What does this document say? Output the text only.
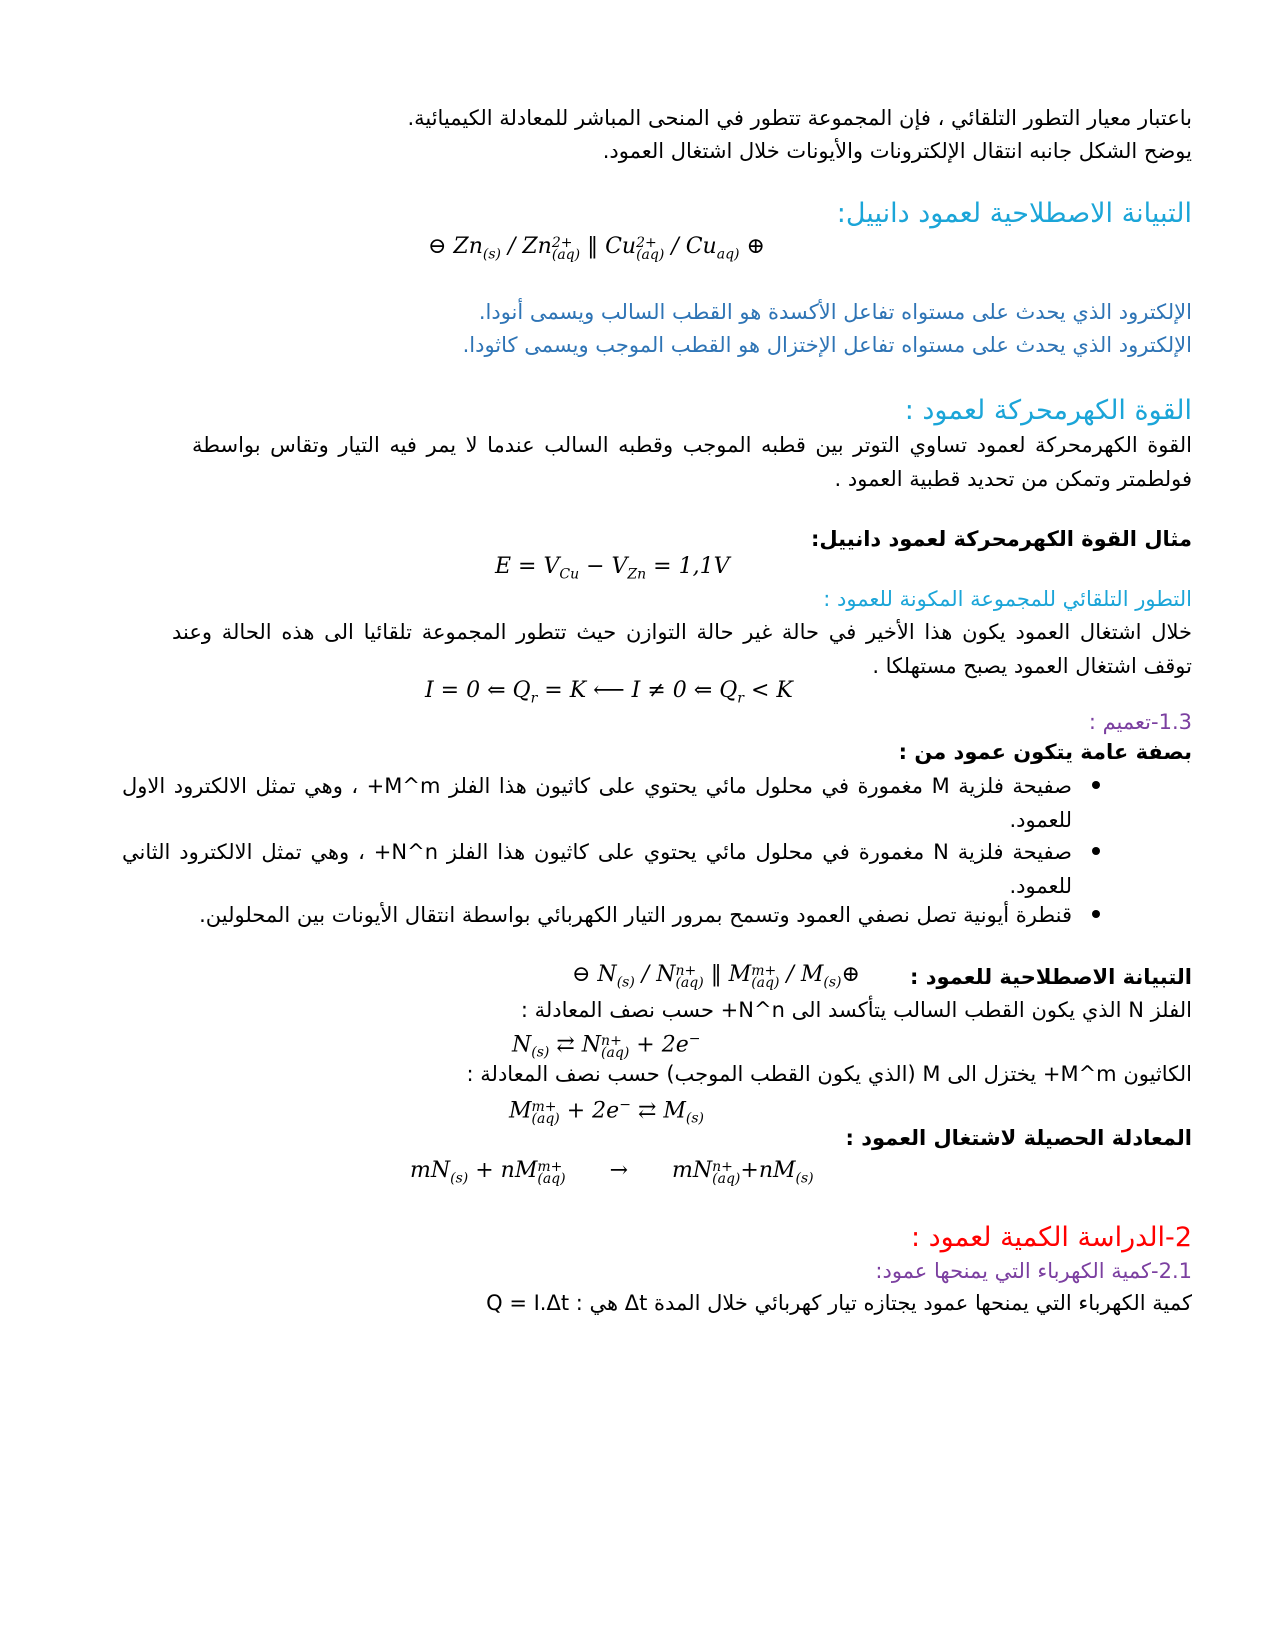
باعتبار معيار التطور التلقائي ، فإن المجموعة تتطور في المنحى المباشر للمعادلة الكيميائية.
يوضح الشكل جانبه انتقال الإلكترونات والأيونات خلال اشتغال العمود.
التبيانة الاصطلاحية لعمود دانييل:
⊖ $Zn_{(s)}$ / Zn 2+
(aq) ‖ Cu 2+
$(aq) / Cu_{aq)}$ ⊕
الإلكترود الذي يحدث على مستواه تفاعل الأكسدة هو القطب السالب ويسمى أنودا.
الإلكترود الذي يحدث على مستواه تفاعل الإختزال هو القطب الموجب ويسمى كاثودا.
القوة الكهرمحركة لعمود :
القوة الكهرمحركة لعمود تساوي التوتر بين قطبه الموجب وقطبه السالب عندما لا يمر فيه التيار وتقاس بواسطة فولطمتر وتمكن من تحديد قطبية العمود .
مثال القوة الكهرمحركة لعمود دانييل:
$E = V_{Cu} - V_{Zn} = 1,1V$
التطور التلقائي للمجموعة المكونة للعمود :
خلال اشتغال العمود يكون هذا الأخير في حالة غير حالة التوازن حيث تتطور المجموعة تلقائيا الى هذه الحالة وعند توقف اشتغال العمود يصبح مستهلكا .
I = 0 ⇐ $Q_r = K$ ⟵ I ≠ 0 ⇐ $Q_r < K$
1.3-تعميم :
بصفة عامة يتكون عمود من :
صفيحة فلزية M مغمورة في محلول مائي يحتوي على كاثيون هذا الفلز M^m+ ، وهي تمثل الالكترود الاول للعمود.
صفيحة فلزية N مغمورة في محلول مائي يحتوي على كاثيون هذا الفلز N^n+ ، وهي تمثل الالكترود الثاني للعمود.
قنطرة أيونية تصل نصفي العمود وتسمح بمرور التيار الكهربائي بواسطة انتقال الأيونات بين المحلولين.
التبيانة الاصطلاحية للعمود :
⊖ $N_{(s)}$ / N n+
(aq) ‖ M m+
$(aq) / M_{(s)}\oplus$
الفلز N الذي يكون القطب السالب يتأكسد الى N^n+ حسب نصف المعادلة :
$N_{(s)}$ ⇄ N n+
(aq) + 2e−
الكاثيون M^m+ يختزل الى M (الذي يكون القطب الموجب) حسب نصف المعادلة :
M m+
(aq) + 2e− ⇄ $M_{(s)}$
المعادلة الحصيلة لاشتغال العمود :
$mN_{(s)}$ + nM m+
(aq) → mN n+
$(aq) +nM_{(s)}$
2-الدراسة الكمية لعمود :
2.1-كمية الكهرباء التي يمنحها عمود:
كمية الكهرباء التي يمنحها عمود يجتازه تيار كهربائي خلال المدة Δt هي : Q = I.Δt
